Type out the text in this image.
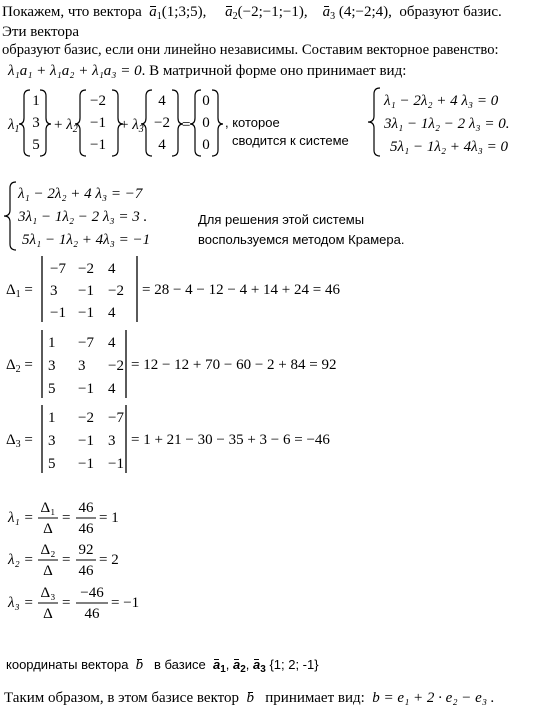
Покажем, что вектора $a_1(1;3;5)$, $a_2(-2;-1;-1)$, $a_3$ (4;−2;4), образуют базис.
Эти вектора
образуют базис, если они линейно независимы. Составим векторное равенство:
λ₁a₁ + λ₁a₂ + λ₁a₃ = 0. В матричной форме оно принимает вид:
$\lambda_1$
1
3
5
+ $\lambda_2$
−2
−1
−1
+ $\lambda_3$
4
−2
4
=
0
0
0
, которое
сводится к системе
λ₁ − 2λ₂ + 4 λ₃ = 0
3λ₁ − 1λ₂ − 2 λ₃ = 0.
5λ₁ − 1λ₂ + 4λ₃ = 0
λ₁ − 2λ₂ + 4 λ₃ = −7
3λ₁ − 1λ₂ − 2 λ₃ = 3 .
5λ₁ − 1λ₂ + 4λ₃ = −1
Для решения этой системы
воспользуемся методом Крамера.
$\Delta_1$ =
−7 −2 4
3 −1 −2
−1 −1 4
= 28 − 4 − 12 − 4 + 14 + 24 = 46
$\Delta_2$ =
1 −7 4
3 3 −2
5 −1 4
= 12 − 12 + 70 − 60 − 2 + 84 = 92
$\Delta_3$ =
1 −2 −7
3 −1 3
5 −1 −1
= 1 + 21 − 30 − 35 + 3 − 6 = −46
λ₁ =
Δ₁
Δ
=
46
46
= 1
λ₂ =
Δ₂
Δ
=
92
46
= 2
λ₃ =
Δ₃
Δ
=
−46
46
= −1
координаты вектора b в базисе $a_1$, $a_2$, $a_3$ {1; 2; -1}
Таким образом, в этом базисе вектор b принимает вид: b = e₁ + 2 · e₂ − e₃ .
